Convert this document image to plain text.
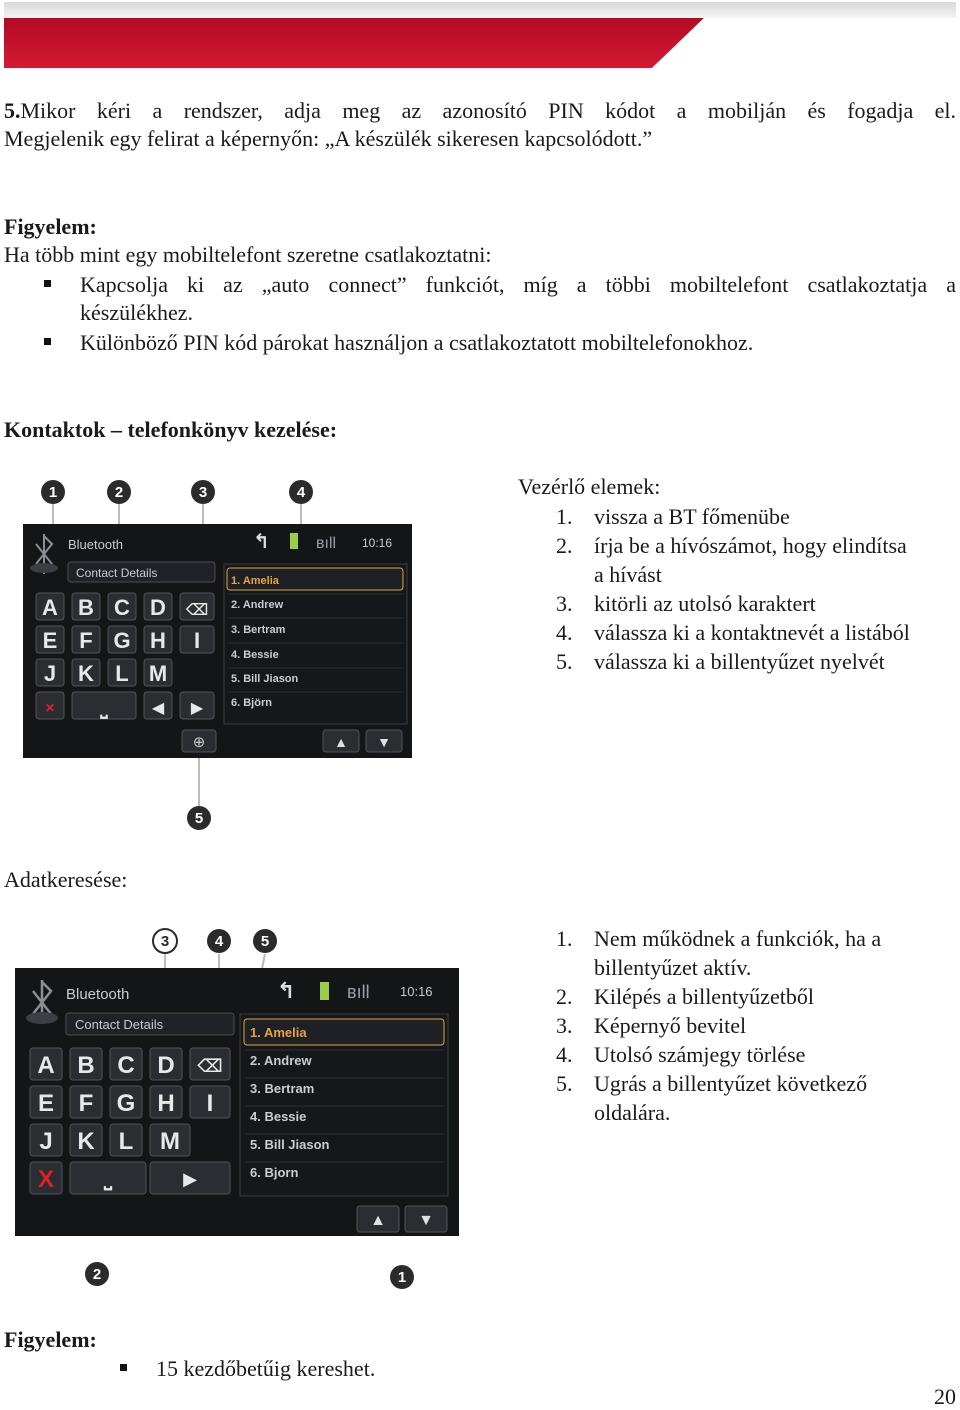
5.Mikor kéri a rendszer, adja meg az azonosító PIN kódot a mobilján és fogadja el.

Megjelenik egy felirat a képernyőn: „A készülék sikeresen kapcsolódott.”

Figyelem:

Ha több mint egy mobiltelefont szeretne csatlakoztatni:

Kapcsolja ki az „auto connect” funkciót, míg a többi mobiltelefont csatlakoztatja a

készülékhez.

Különböző PIN kód párokat használjon a csatlakoztatott mobiltelefonokhoz.

Kontaktok – telefonkönyv kezelése:

Bluetooth	↰	ʙıll 10:16
Contact Details
A B C D ⌫
E F G H I
J K L M
×	⎵	◀ ▶
⊕
1. Amelia
2. Andrew
3. Bertram
4. Bessie
5. Bill Jiason
6. Björn
▲ ▼
1	2	3	4
5

Vezérlő elemek:

1. vissza a BT főmenübe
2. írja be a hívószámot, hogy elindítsa
a hívást
3. kitörli az utolsó karaktert
4. válassza ki a kontaktnevét a listából
5. válassza ki a billentyűzet nyelvét

Adatkeresése:

Bluetooth	↰	ʙıll 10:16
Contact Details
A B C D ⌫
E F G H I
J K L M
X ⎵	▶
1. Amelia
2. Andrew
3. Bertram
4. Bessie
5. Bill Jiason
6. Bjorn
▲ ▼
3	4	5
2	1
1. Nem működnek a funkciók, ha a
billentyűzet aktív.
2. Kilépés a billentyűzetből
3. Képernyő bevitel
4. Utolsó számjegy törlése
5. Ugrás a billentyűzet következő
oldalára.

Figyelem:

15 kezdőbetűig kereshet.

20
